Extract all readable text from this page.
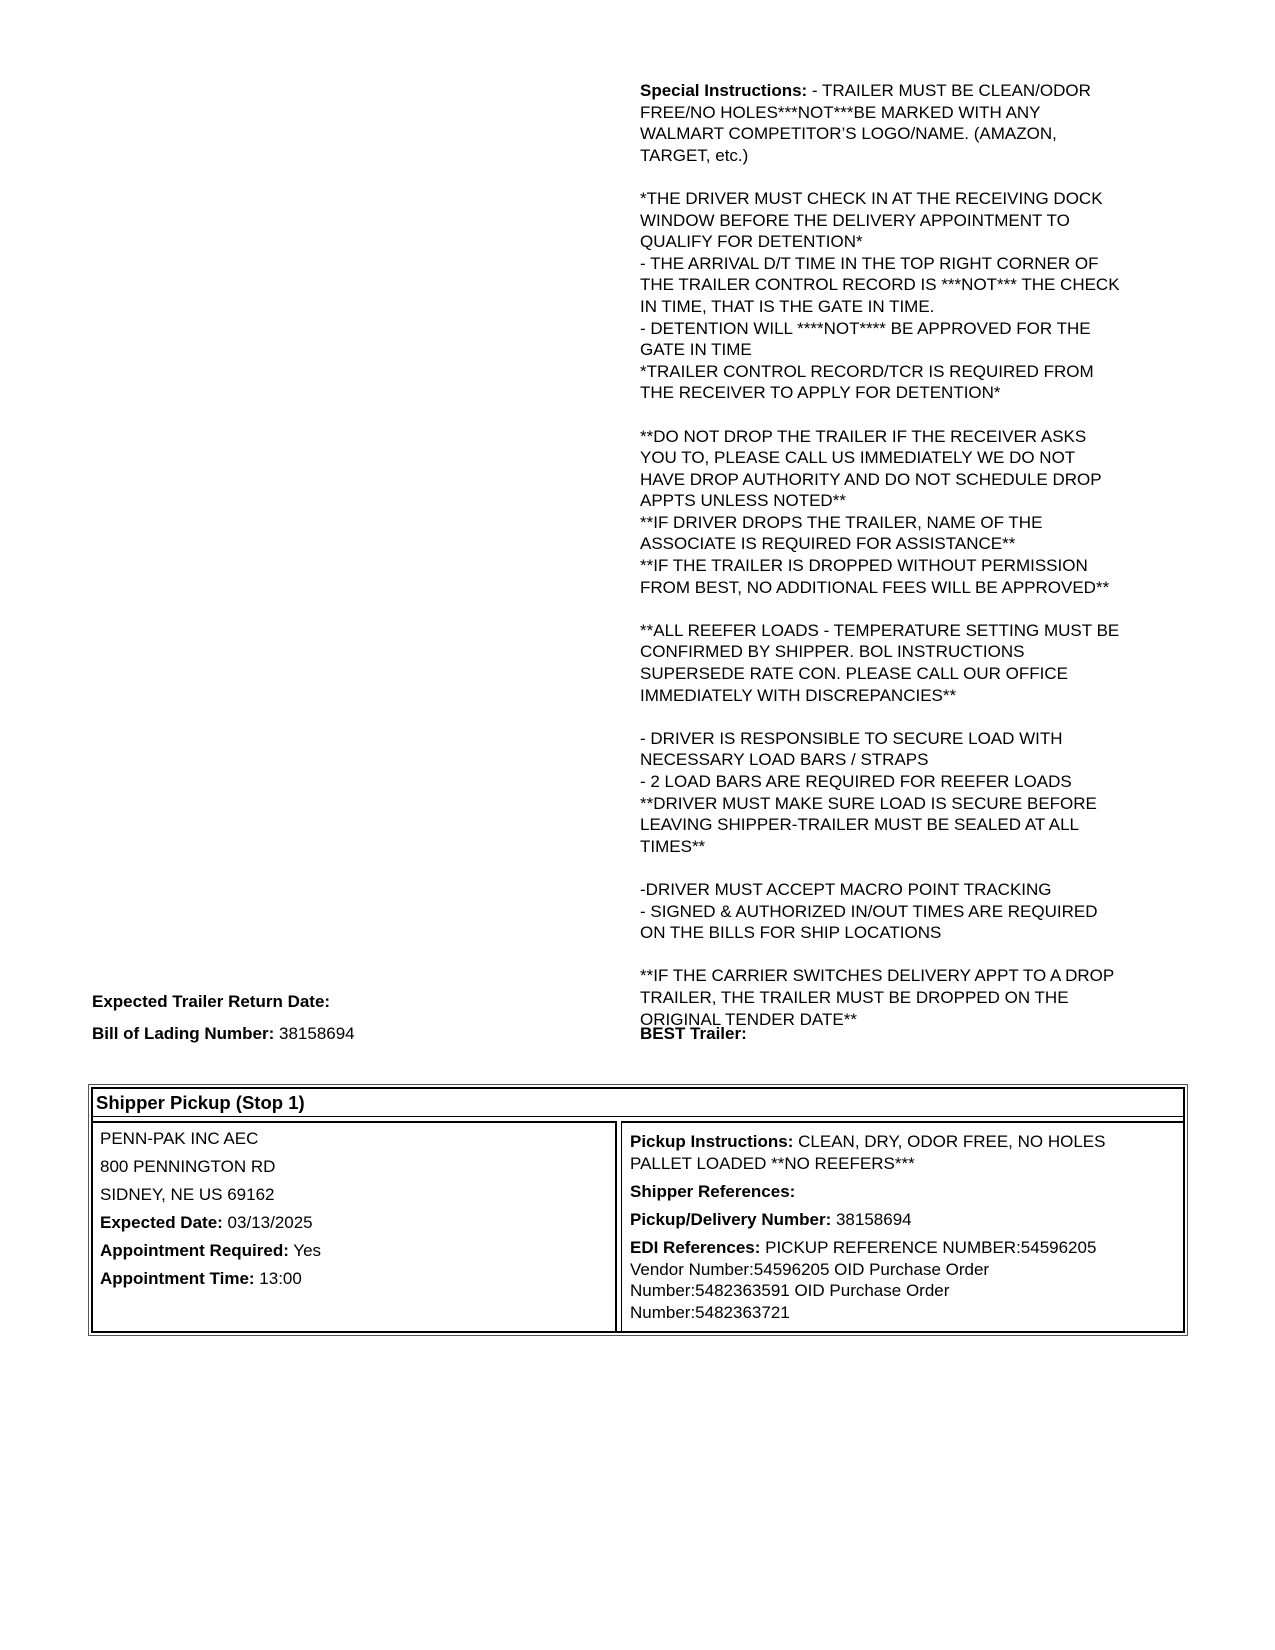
Special Instructions: - TRAILER MUST BE CLEAN/ODOR
FREE/NO HOLES***NOT***BE MARKED WITH ANY
WALMART COMPETITOR’S LOGO/NAME. (AMAZON,
TARGET, etc.)
*THE DRIVER MUST CHECK IN AT THE RECEIVING DOCK
WINDOW BEFORE THE DELIVERY APPOINTMENT TO
QUALIFY FOR DETENTION*
- THE ARRIVAL D/T TIME IN THE TOP RIGHT CORNER OF
THE TRAILER CONTROL RECORD IS ***NOT*** THE CHECK
IN TIME, THAT IS THE GATE IN TIME.
- DETENTION WILL ****NOT**** BE APPROVED FOR THE
GATE IN TIME
*TRAILER CONTROL RECORD/TCR IS REQUIRED FROM
THE RECEIVER TO APPLY FOR DETENTION*
**DO NOT DROP THE TRAILER IF THE RECEIVER ASKS
YOU TO, PLEASE CALL US IMMEDIATELY WE DO NOT
HAVE DROP AUTHORITY AND DO NOT SCHEDULE DROP
APPTS UNLESS NOTED**
**IF DRIVER DROPS THE TRAILER, NAME OF THE
ASSOCIATE IS REQUIRED FOR ASSISTANCE**
**IF THE TRAILER IS DROPPED WITHOUT PERMISSION
FROM BEST, NO ADDITIONAL FEES WILL BE APPROVED**
**ALL REEFER LOADS - TEMPERATURE SETTING MUST BE
CONFIRMED BY SHIPPER. BOL INSTRUCTIONS
SUPERSEDE RATE CON. PLEASE CALL OUR OFFICE
IMMEDIATELY WITH DISCREPANCIES**
- DRIVER IS RESPONSIBLE TO SECURE LOAD WITH
NECESSARY LOAD BARS / STRAPS
- 2 LOAD BARS ARE REQUIRED FOR REEFER LOADS
**DRIVER MUST MAKE SURE LOAD IS SECURE BEFORE
LEAVING SHIPPER-TRAILER MUST BE SEALED AT ALL
TIMES**
-DRIVER MUST ACCEPT MACRO POINT TRACKING
- SIGNED & AUTHORIZED IN/OUT TIMES ARE REQUIRED
ON THE BILLS FOR SHIP LOCATIONS
**IF THE CARRIER SWITCHES DELIVERY APPT TO A DROP
TRAILER, THE TRAILER MUST BE DROPPED ON THE
ORIGINAL TENDER DATE**
Expected Trailer Return Date:
Bill of Lading Number: 38158694	BEST Trailer:
Shipper Pickup (Stop 1)
PENN-PAK INC AEC
800 PENNINGTON RD
SIDNEY, NE US 69162
Expected Date: 03/13/2025
Appointment Required: Yes
Appointment Time: 13:00
Pickup Instructions: CLEAN, DRY, ODOR FREE, NO HOLES
PALLET LOADED **NO REEFERS***
Shipper References:
Pickup/Delivery Number: 38158694
EDI References: PICKUP REFERENCE NUMBER:54596205
Vendor Number:54596205 OID Purchase Order
Number:5482363591 OID Purchase Order
Number:5482363721
